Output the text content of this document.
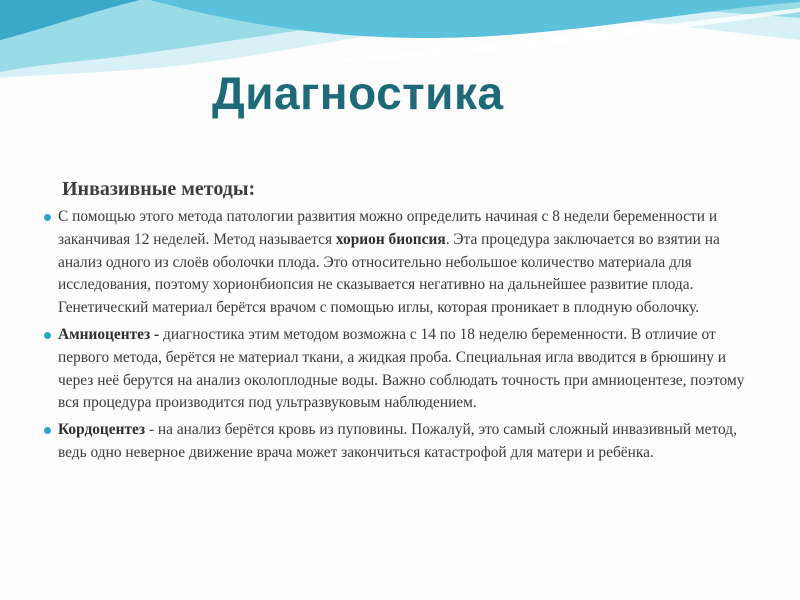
Диагностика
Инвазивные методы:
С помощью этого метода патологии развития можно определить начиная с 8 недели беременности и заканчивая 12 неделей. Метод называется хорион биопсия. Эта процедура заключается во взятии на анализ одного из слоёв оболочки плода. Это относительно небольшое количество материала для исследования, поэтому хорионбиопсия не сказывается негативно на дальнейшее развитие плода. Генетический материал берётся врачом с помощью иглы, которая проникает в плодную оболочку.
Амниоцентез - диагностика этим методом возможна с 14 по 18 неделю беременности. В отличие от первого метода, берётся не материал ткани, а жидкая проба. Специальная игла вводится в брюшину и через неё берутся на анализ околоплодные воды. Важно соблюдать точность при амниоцентезе, поэтому вся процедура производится под ультразвуковым наблюдением.
Кордоцентез - на анализ берётся кровь из пуповины. Пожалуй, это самый сложный инвазивный метод, ведь одно неверное движение врача может закончиться катастрофой для матери и ребёнка.
